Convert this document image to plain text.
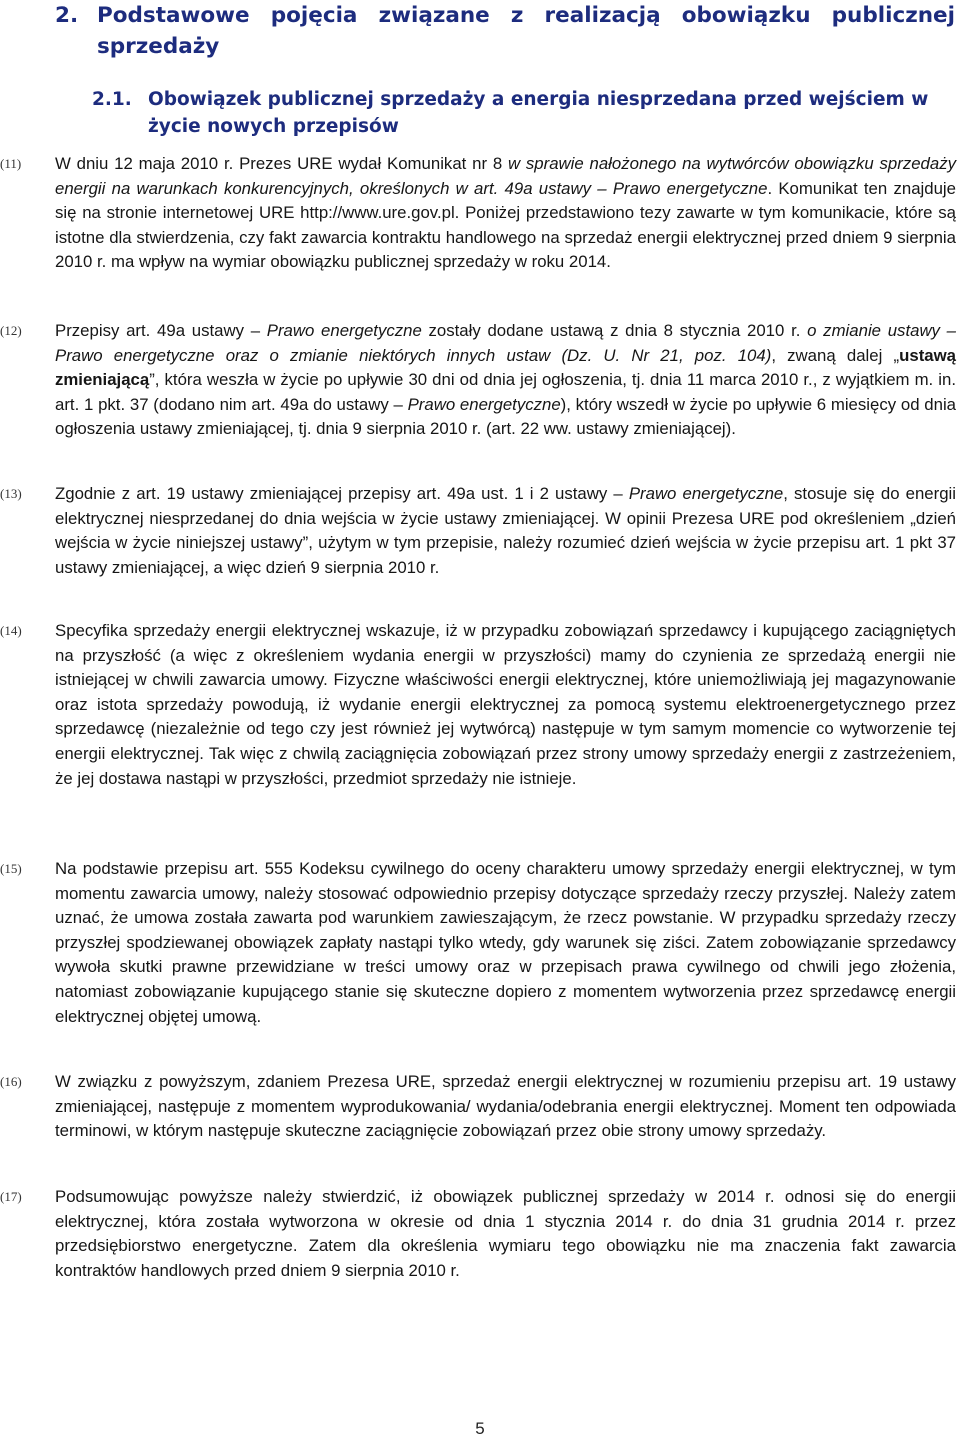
2. Podstawowe pojęcia związane z realizacją obowiązku publicznej sprzedaży
2.1. Obowiązek publicznej sprzedaży a energia niesprzedana przed wejściem w życie nowych przepisów
(11)	W dniu 12 maja 2010 r. Prezes URE wydał Komunikat nr 8 w sprawie nałożonego na wytwórców obowiązku sprzedaży energii na warunkach konkurencyjnych, określonych w art. 49a ustawy – Prawo energetyczne. Komunikat ten znajduje się na stronie internetowej URE http://www.ure.gov.pl. Poniżej przedstawiono tezy zawarte w tym komunikacie, które są istotne dla stwierdzenia, czy fakt zawarcia kontraktu handlowego na sprzedaż energii elektrycznej przed dniem 9 sierpnia 2010 r. ma wpływ na wymiar obowiązku publicznej sprzedaży w roku 2014.
(12)	Przepisy art. 49a ustawy – Prawo energetyczne zostały dodane ustawą z dnia 8 stycznia 2010 r. o zmianie ustawy – Prawo energetyczne oraz o zmianie niektórych innych ustaw (Dz. U. Nr 21, poz. 104), zwaną dalej „ustawą zmieniającą”, która weszła w życie po upływie 30 dni od dnia jej ogłoszenia, tj. dnia 11 marca 2010 r., z wyjątkiem m. in. art. 1 pkt. 37 (dodano nim art. 49a do ustawy – Prawo energetyczne), który wszedł w życie po upływie 6 miesięcy od dnia ogłoszenia ustawy zmieniającej, tj. dnia 9 sierpnia 2010 r. (art. 22 ww. ustawy zmieniającej).
(13)	Zgodnie z art. 19 ustawy zmieniającej przepisy art. 49a ust. 1 i 2 ustawy – Prawo energetyczne, stosuje się do energii elektrycznej niesprzedanej do dnia wejścia w życie ustawy zmieniającej. W opinii Prezesa URE pod określeniem „dzień wejścia w życie niniejszej ustawy”, użytym w tym przepisie, należy rozumieć dzień wejścia w życie przepisu art. 1 pkt 37 ustawy zmieniającej, a więc dzień 9 sierpnia 2010 r.
(14)	Specyfika sprzedaży energii elektrycznej wskazuje, iż w przypadku zobowiązań sprzedawcy i kupującego zaciągniętych na przyszłość (a więc z określeniem wydania energii w przyszłości) mamy do czynienia ze sprzedażą energii nie istniejącej w chwili zawarcia umowy. Fizyczne właściwości energii elektrycznej, które uniemożliwiają jej magazynowanie oraz istota sprzedaży powodują, iż wydanie energii elektrycznej za pomocą systemu elektroenergetycznego przez sprzedawcę (niezależnie od tego czy jest również jej wytwórcą) następuje w tym samym momencie co wytworzenie tej energii elektrycznej. Tak więc z chwilą zaciągnięcia zobowiązań przez strony umowy sprzedaży energii z zastrzeżeniem, że jej dostawa nastąpi w przyszłości, przedmiot sprzedaży nie istnieje.
(15)	Na podstawie przepisu art. 555 Kodeksu cywilnego do oceny charakteru umowy sprzedaży energii elektrycznej, w tym momentu zawarcia umowy, należy stosować odpowiednio przepisy dotyczące sprzedaży rzeczy przyszłej. Należy zatem uznać, że umowa została zawarta pod warunkiem zawieszającym, że rzecz powstanie. W przypadku sprzedaży rzeczy przyszłej spodziewanej obowiązek zapłaty nastąpi tylko wtedy, gdy warunek się ziści. Zatem zobowiązanie sprzedawcy wywoła skutki prawne przewidziane w treści umowy oraz w przepisach prawa cywilnego od chwili jego złożenia, natomiast zobowiązanie kupującego stanie się skuteczne dopiero z momentem wytworzenia przez sprzedawcę energii elektrycznej objętej umową.
(16)	W związku z powyższym, zdaniem Prezesa URE, sprzedaż energii elektrycznej w rozumieniu przepisu art. 19 ustawy zmieniającej, następuje z momentem wyprodukowania/ wydania/odebrania energii elektrycznej. Moment ten odpowiada terminowi, w którym następuje skuteczne zaciągnięcie zobowiązań przez obie strony umowy sprzedaży.
(17)	Podsumowując powyższe należy stwierdzić, iż obowiązek publicznej sprzedaży w 2014 r. odnosi się do energii elektrycznej, która została wytworzona w okresie od dnia 1 stycznia 2014 r. do dnia 31 grudnia 2014 r. przez przedsiębiorstwo energetyczne. Zatem dla określenia wymiaru tego obowiązku nie ma znaczenia fakt zawarcia kontraktów handlowych przed dniem 9 sierpnia 2010 r.
5
